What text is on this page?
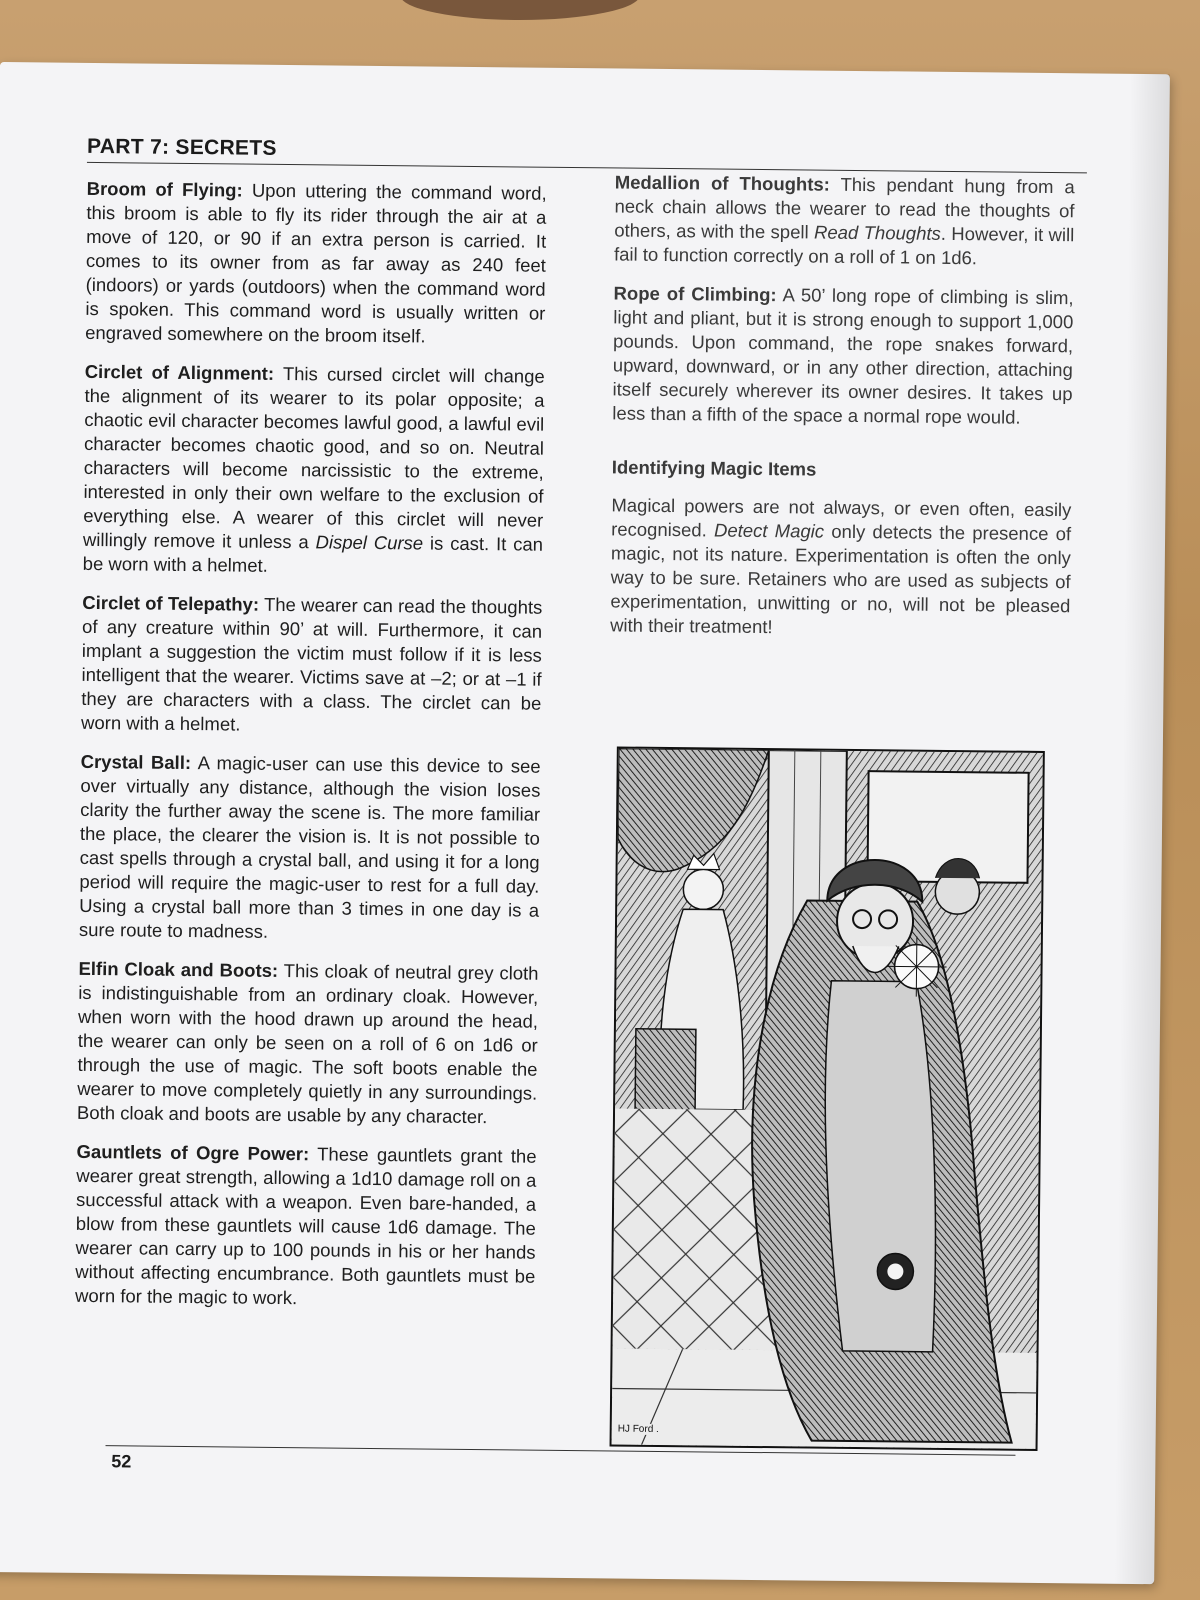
PART 7: SECRETS

Broom of Flying: Upon uttering the command word, this broom is able to fly its rider through the air at a move of 120, or 90 if an extra person is carried. It comes to its owner from as far away as 240 feet (indoors) or yards (outdoors) when the command word is spoken. This command word is usually written or engraved somewhere on the broom itself.

Circlet of Alignment: This cursed circlet will change the alignment of its wearer to its polar opposite; a chaotic evil character becomes lawful good, a lawful evil character becomes chaotic good, and so on. Neutral characters will become narcissistic to the extreme, interested in only their own welfare to the exclusion of everything else. A wearer of this circlet will never willingly remove it unless a Dispel Curse is cast. It can be worn with a helmet.

Circlet of Telepathy: The wearer can read the thoughts of any creature within 90’ at will. Furthermore, it can implant a suggestion the victim must follow if it is less intelligent that the wearer. Victims save at –2; or at –1 if they are characters with a class. The circlet can be worn with a helmet.

Crystal Ball: A magic-user can use this device to see over virtually any distance, although the vision loses clarity the further away the scene is. The more familiar the place, the clearer the vision is. It is not possible to cast spells through a crystal ball, and using it for a long period will require the magic-user to rest for a full day. Using a crystal ball more than 3 times in one day is a sure route to madness.

Elfin Cloak and Boots: This cloak of neutral grey cloth is indistinguishable from an ordinary cloak. However, when worn with the hood drawn up around the head, the wearer can only be seen on a roll of 6 on 1d6 or through the use of magic. The soft boots enable the wearer to move completely quietly in any surroundings. Both cloak and boots are usable by any character.

Gauntlets of Ogre Power: These gauntlets grant the wearer great strength, allowing a 1d10 damage roll on a successful attack with a weapon. Even bare-handed, a blow from these gauntlets will cause 1d6 damage. The wearer can carry up to 100 pounds in his or her hands without affecting encumbrance. Both gauntlets must be worn for the magic to work.

Medallion of Thoughts: This pendant hung from a neck chain allows the wearer to read the thoughts of others, as with the spell Read Thoughts. However, it will fail to function correctly on a roll of 1 on 1d6.

Rope of Climbing: A 50’ long rope of climbing is slim, light and pliant, but it is strong enough to support 1,000 pounds. Upon command, the rope snakes forward, upward, downward, or in any other direction, attaching itself securely wherever its owner desires. It takes up less than a fifth of the space a normal rope would.

Identifying Magic Items

Magical powers are not always, or even often, easily recognised. Detect Magic only detects the presence of magic, not its nature. Experimentation is often the only way to be sure. Retainers who are used as subjects of experimentation, unwitting or no, will not be pleased with their treatment!

HJ Ford .
52
